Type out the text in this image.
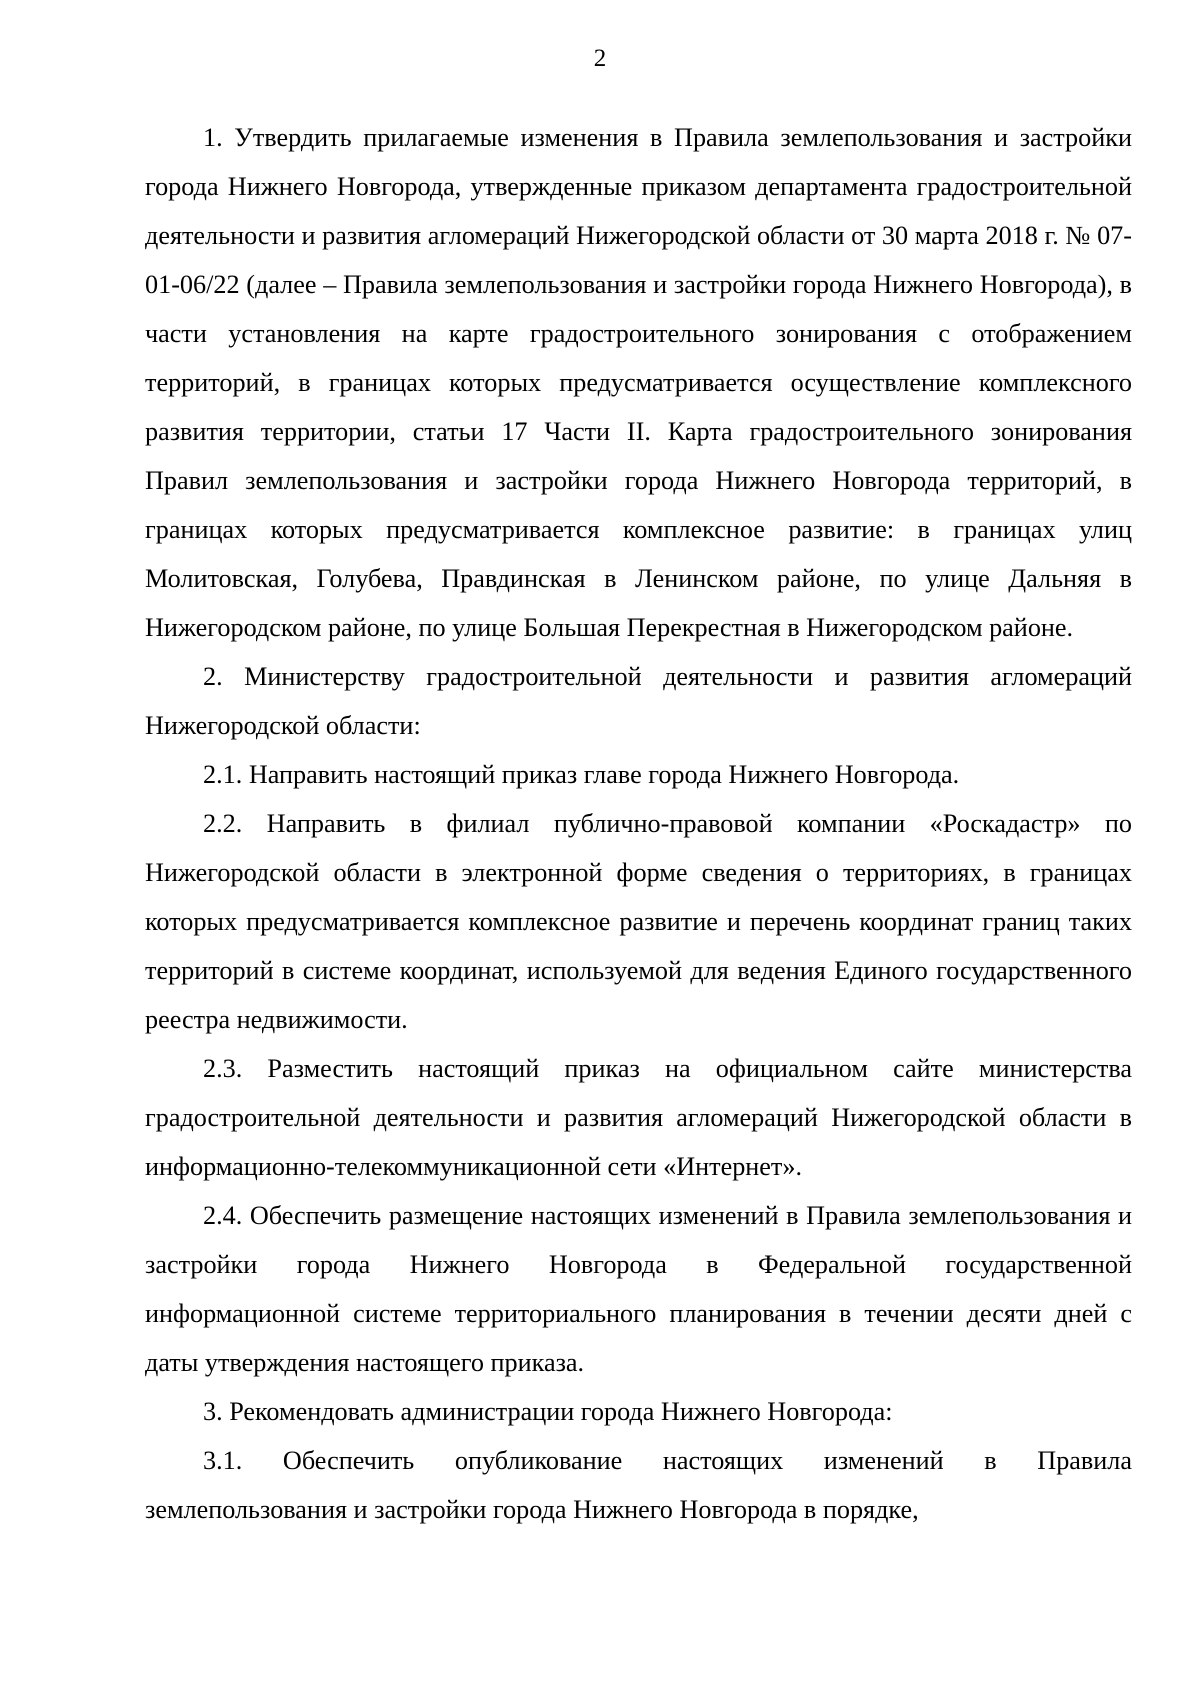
2

1. Утвердить прилагаемые изменения в Правила землепользования и застройки города Нижнего Новгорода, утвержденные приказом департамента градостроительной деятельности и развития агломераций Нижегородской области от 30 марта 2018 г. № 07-01-06/22 (далее – Правила землепользования и застройки города Нижнего Новгорода), в части установления на карте градостроительного зонирования с отображением территорий, в границах которых предусматривается осуществление комплексного развития территории, статьи 17 Части II. Карта градостроительного зонирования Правил землепользования и застройки города Нижнего Новгорода территорий, в границах которых предусматривается комплексное развитие: в границах улиц Молитовская, Голубева, Правдинская в Ленинском районе, по улице Дальняя в Нижегородском районе, по улице Большая Перекрестная в Нижегородском районе.

2. Министерству градостроительной деятельности и развития агломераций Нижегородской области:

2.1. Направить настоящий приказ главе города Нижнего Новгорода.

2.2. Направить в филиал публично-правовой компании «Роскадастр» по Нижегородской области в электронной форме сведения о территориях, в границах которых предусматривается комплексное развитие и перечень координат границ таких территорий в системе координат, используемой для ведения Единого государственного реестра недвижимости.

2.3. Разместить настоящий приказ на официальном сайте министерства градостроительной деятельности и развития агломераций Нижегородской области в информационно-телекоммуникационной сети «Интернет».

2.4. Обеспечить размещение настоящих изменений в Правила землепользования и застройки города Нижнего Новгорода в Федеральной государственной информационной системе территориального планирования в течении десяти дней с даты утверждения настоящего приказа.

3. Рекомендовать администрации города Нижнего Новгорода:

3.1. Обеспечить опубликование настоящих изменений в Правила землепользования и застройки города Нижнего Новгорода в порядке,
